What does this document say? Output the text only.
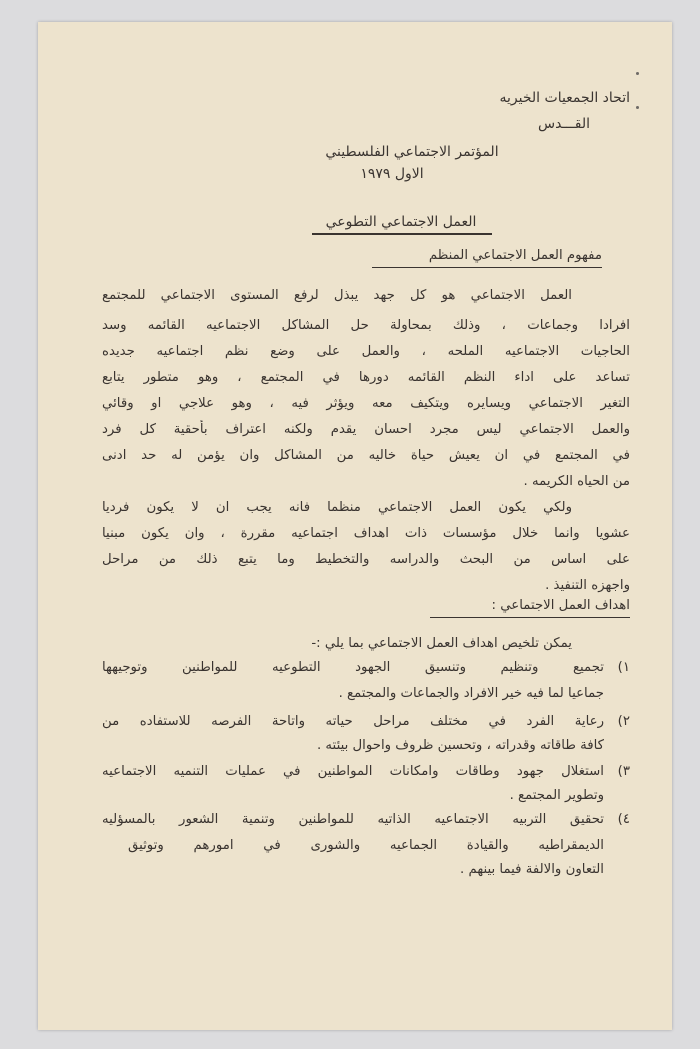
اتحاد الجمعيات الخيريه
القـــدس
المؤتمر الاجتماعي الفلسطيني
الاول ١٩٧٩
العمل الاجتماعي التطوعي
مفهوم العمل الاجتماعي المنظم
العمل الاجتماعي هو كل جهد يبذل لرفع المستوى الاجتماعي للمجتمع
افرادا وجماعات ، وذلك بمحاولة حل المشاكل الاجتماعيه القائمه وسد
الحاجيات الاجتماعيه الملحه ، والعمل على وضع نظم اجتماعيه جديده
تساعد على اداء النظم القائمه دورها في المجتمع ، وهو متطور يتابع
التغير الاجتماعي ويسايره ويتكيف معه ويؤثر فيه ، وهو علاجي او وقائي
والعمل الاجتماعي ليس مجرد احسان يقدم ولكنه اعتراف بأحقية كل فرد
في المجتمع في ان يعيش حياة خاليه من المشاكل وان يؤمن له حد ادنى
من الحياه الكريمه .
ولكي يكون العمل الاجتماعي منظما فانه يجب ان لا يكون فرديا
عشويا وانما خلال مؤسسات ذات اهداف اجتماعيه مقررة ، وان يكون مبنيا
على اساس من البحث والدراسه والتخطيط وما يتبع ذلك من مراحل
واجهزه التنفيذ .
اهداف العمل الاجتماعي :
يمكن تلخيص اهداف العمل الاجتماعي بما يلي :-
١)
تجميع وتنظيم وتنسيق الجهود التطوعيه للمواطنين وتوجيهها
جماعيا لما فيه خير الافراد والجماعات والمجتمع .
٢)
رعاية الفرد في مختلف مراحل حياته واتاحة الفرصه للاستفاده من
كافة طاقاته وقدراته ، وتحسين ظروف واحوال بيئته .
٣)
استغلال جهود وطاقات وامكانات المواطنين في عمليات التنميه الاجتماعيه
وتطوير المجتمع .
٤)
تحقيق التربيه الاجتماعيه الذاتيه للمواطنين وتنمية الشعور بالمسؤليه
الديمقراطيه والقيادة الجماعيه والشورى في امورهم وتوثيق
التعاون والالفة فيما بينهم .
